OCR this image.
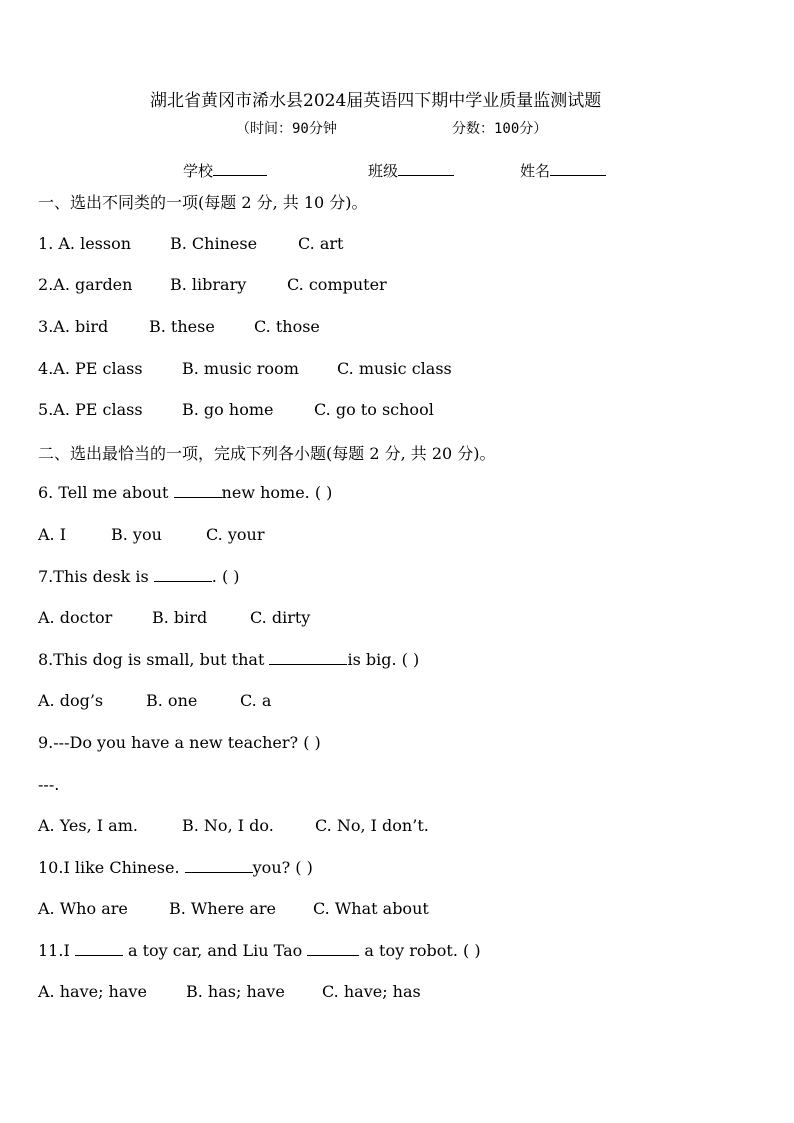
湖北省黄冈市浠水县2024届英语四下期中学业质量监测试题
（时间：90分钟	分数：100分）
学校	班级	姓名
一、选出不同类的一项(每题 2 分, 共 10 分)。
1. A. lesson B. Chinese	C. art
2.A. garden B. library	C. computer
3.A. bird	B. these C. those
4.A. PE class B. music room C. music class
5.A. PE class B. go home	C. go to school
二、选出最恰当的一项，完成下列各小题(每题 2 分, 共 20 分)。
6. Tell me about	new home. ( )
A. I	B. you	C. your
7.This desk is	. ( )
A. doctor B. bird	C. dirty
8.This dog is small, but that	is big. ( )
A. dog’s	B. one	C. a
9.---Do you have a new teacher? ( )
---.
A. Yes, I am.	B. No, I do.	C. No, I don’t.
10.I like Chinese.	you? ( )
A. Who are	B. Where are C. What about
11.I	a toy car, and Liu Tao	a toy robot. ( )
A. have; have B. has; have C. have; has
